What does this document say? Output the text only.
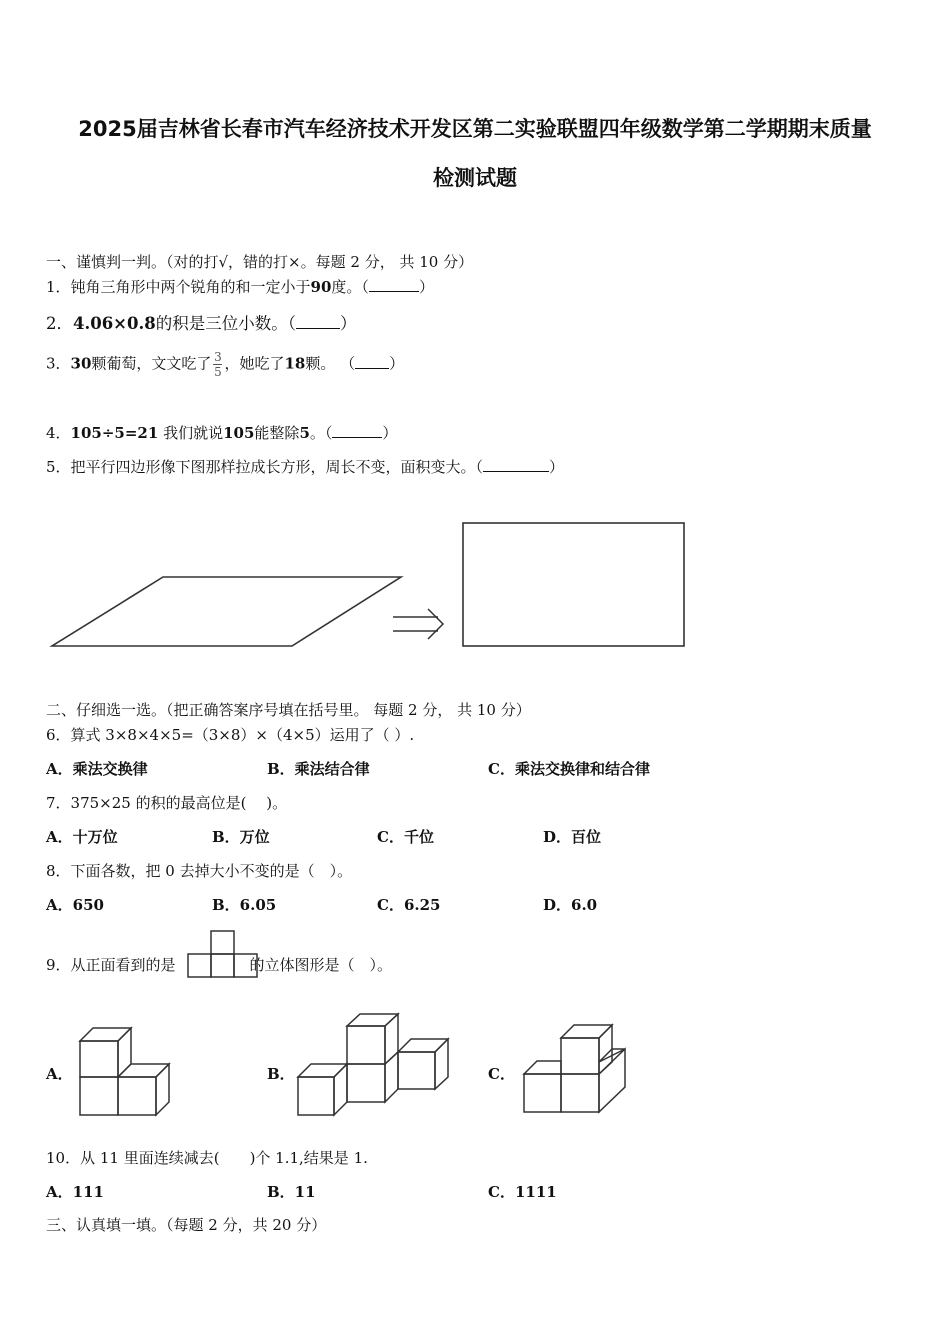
2025届吉林省长春市汽车经济技术开发区第二实验联盟四年级数学第二学期期末质量
检测试题
一、谨慎判一判。（对的打√，错的打×。每题 2 分， 共 10 分）
1．钝角三角形中两个锐角的和一定小于90度。（	）
2．4.06×0.8的积是三位小数。（	）
3．30颗葡萄，文文吃了 $\frac{3}{5}$ ，她吃了18颗。 （ ）
4．105÷5=21 我们就说105能整除5。（	）
5．把平行四边形像下图那样拉成长方形，周长不变，面积变大。（	）
二、仔细选一选。（把正确答案序号填在括号里。 每题 2 分， 共 10 分）
6．算式 3×8×4×5=（3×8）×（4×5）运用了（ ）.
A．乘法交换律	B．乘法结合律	C．乘法交换律和结合律
7．375×25 的积的最高位是(　 )。
A．十万位	B．万位	C．千位	D．百位
8．下面各数，把 0 去掉大小不变的是（　）。
A．650	B．6.05	C．6.25	D．6.0
9．从正面看到的是	的立体图形是（　）。
A．	B．	C．
10．从 11 里面连续减去(　　)个 1.1,结果是 1.
A．111	B．11	C．1111
三、认真填一填。（每题 2 分，共 20 分）
